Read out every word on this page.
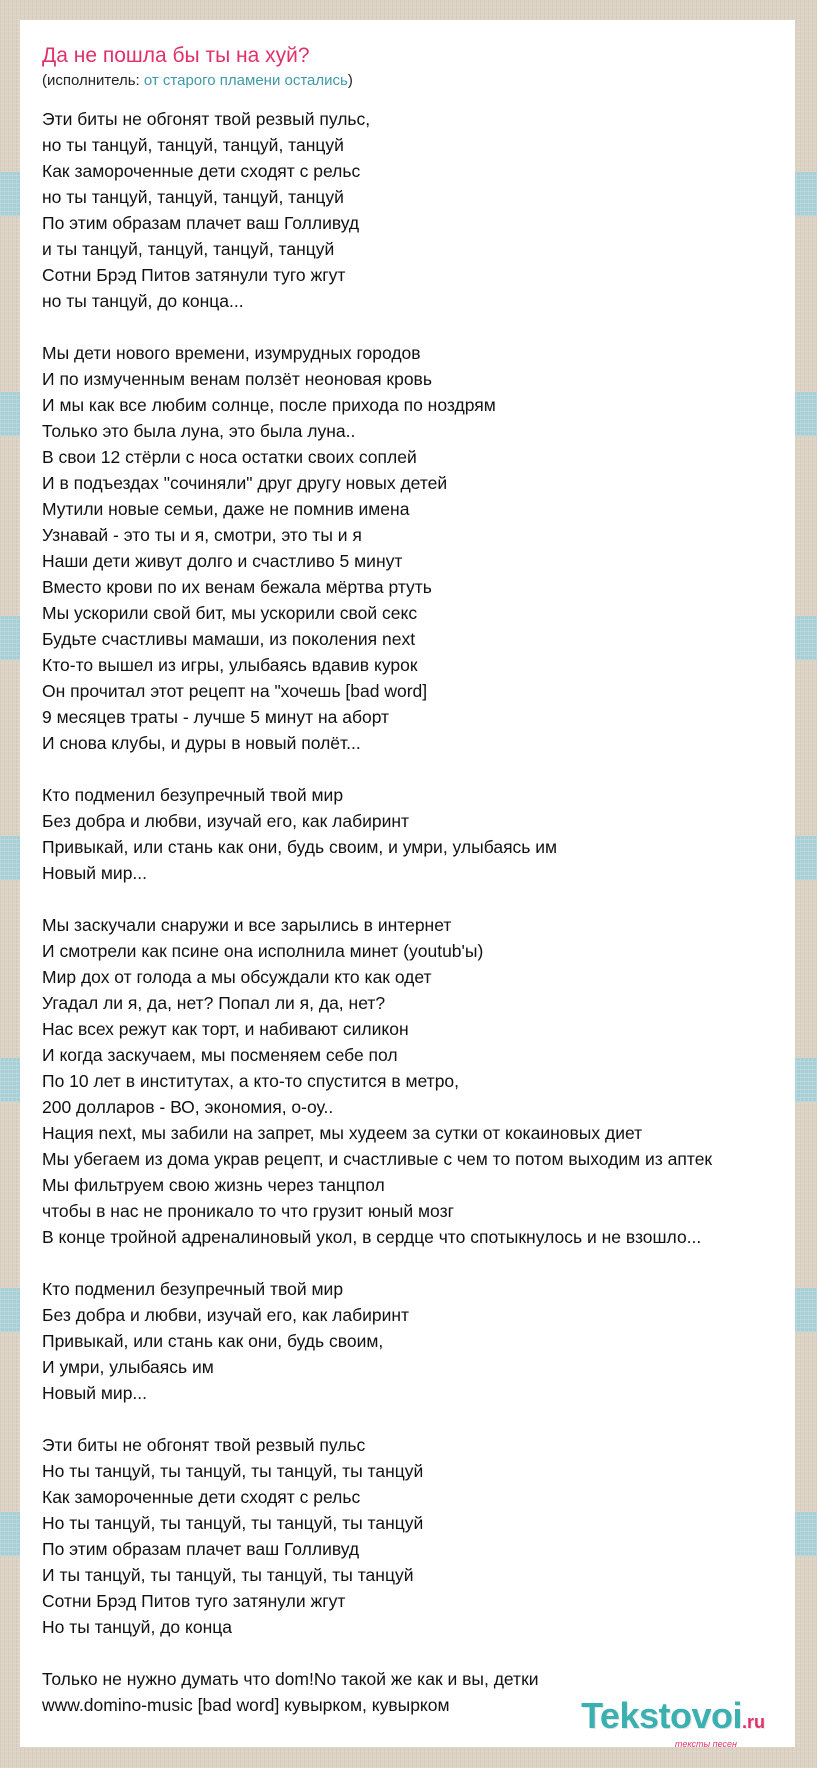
Да не пошла бы ты на хуй?
(исполнитель: от старого пламени остались)
Эти биты не обгонят твой резвый пульс,
но ты танцуй, танцуй, танцуй, танцуй
Как замороченные дети сходят с рельс
но ты танцуй, танцуй, танцуй, танцуй
По этим образам плачет ваш Голливуд
и ты танцуй, танцуй, танцуй, танцуй
Сотни Брэд Питов затянули туго жгут
но ты танцуй, до конца...
Мы дети нового времени, изумрудных городов
И по измученным венам ползёт неоновая кровь
И мы как все любим солнце, после прихода по ноздрям
Только это была луна, это была луна..
В свои 12 стёрли с носа остатки своих соплей
И в подъездах "сочиняли" друг другу новых детей
Мутили новые семьи, даже не помнив имена
Узнавай - это ты и я, смотри, это ты и я
Наши дети живут долго и счастливо 5 минут
Вместо крови по их венам бежала мёртва ртуть
Мы ускорили свой бит, мы ускорили свой секс
Будьте счастливы мамаши, из поколения next
Кто-то вышел из игры, улыбаясь вдавив курок
Он прочитал этот рецепт на "хочешь [bad word]
9 месяцев траты - лучше 5 минут на аборт
И снова клубы, и дуры в новый полёт...
Кто подменил безупречный твой мир
Без добра и любви, изучай его, как лабиринт
Привыкай, или стань как они, будь своим, и умри, улыбаясь им
Новый мир...
Мы заскучали снаружи и все зарылись в интернет
И смотрели как псине она исполнила минет (youtub'ы)
Мир дох от голода а мы обсуждали кто как одет
Угадал ли я, да, нет? Попал ли я, да, нет?
Нас всех режут как торт, и набивают силикон
И когда заскучаем, мы посменяем себе пол
По 10 лет в институтах, а кто-то спустится в метро,
200 долларов - ВО, экономия, о-оу..
Нация next, мы забили на запрет, мы худеем за сутки от кокаиновых диет
Мы убегаем из дома украв рецепт, и счастливые с чем то потом выходим из аптек
Мы фильтруем свою жизнь через танцпол
чтобы в нас не проникало то что грузит юный мозг
В конце тройной адреналиновый укол, в сердце что спотыкнулось и не взошло...
Кто подменил безупречный твой мир
Без добра и любви, изучай его, как лабиринт
Привыкай, или стань как они, будь своим,
И умри, улыбаясь им
Новый мир...
Эти биты не обгонят твой резвый пульс
Но ты танцуй, ты танцуй, ты танцуй, ты танцуй
Как замороченные дети сходят с рельс
Но ты танцуй, ты танцуй, ты танцуй, ты танцуй
По этим образам плачет ваш Голливуд
И ты танцуй, ты танцуй, ты танцуй, ты танцуй
Сотни Брэд Питов туго затянули жгут
Но ты танцуй, до конца
Только не нужно думать что dom!No такой же как и вы, детки
www.domino-music [bad word] кувырком, кувырком	Tekstovoi.ru
тексты песен
